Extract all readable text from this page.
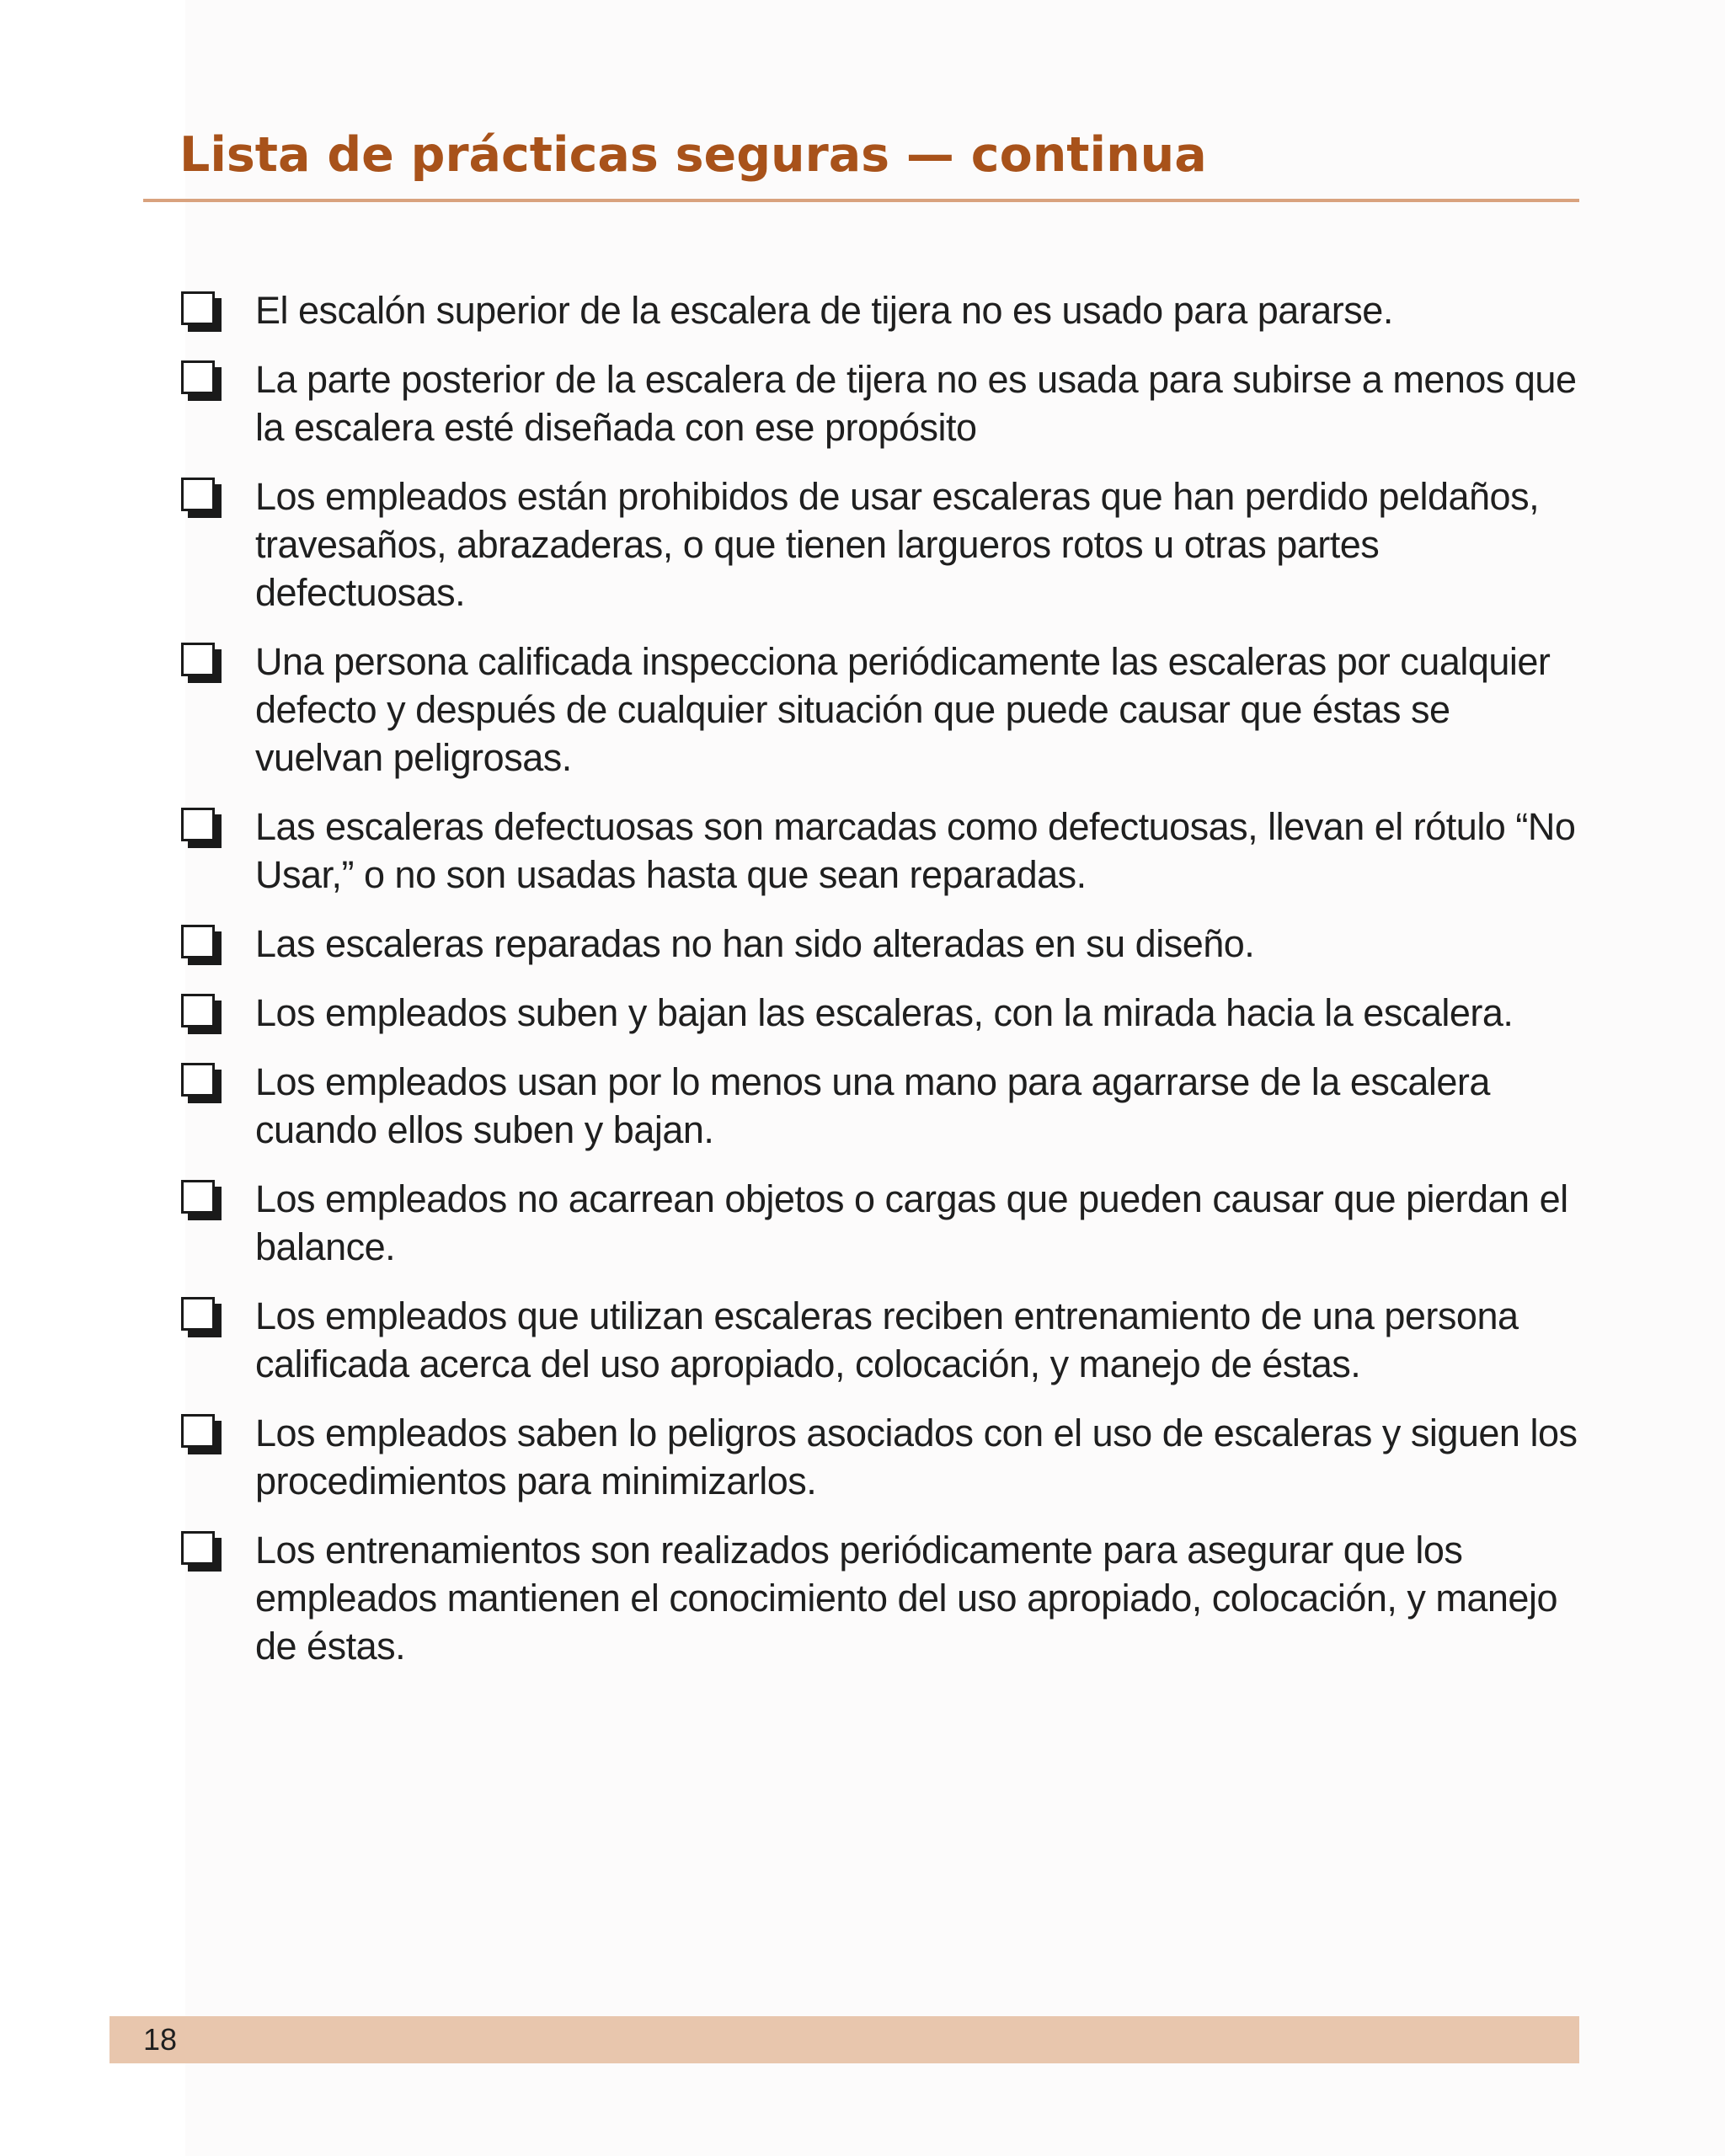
Lista de prácticas seguras — continua
El escalón superior de la escalera de tijera no es usado para pararse.
La parte posterior de la escalera de tijera no es usada para subirse a menos que la escalera esté diseñada con ese propósito
Los empleados están prohibidos de usar escaleras que han perdido peldaños, travesaños, abrazaderas, o que tienen largueros rotos u otras partes defectuosas.
Una persona calificada inspecciona periódicamente las escaleras por cualquier defecto y después de cualquier situación que puede causar que éstas se vuelvan peligrosas.
Las escaleras defectuosas son marcadas como defectuosas, llevan el rótulo “No Usar,” o no son usadas hasta que sean reparadas.
Las escaleras reparadas no han sido alteradas en su diseño.
Los empleados suben y bajan las escaleras, con la mirada hacia la escalera.
Los empleados usan por lo menos una mano para agarrarse de la escalera cuando ellos suben y bajan.
Los empleados no acarrean objetos o cargas que pueden causar que pierdan el balance.
Los empleados que utilizan escaleras reciben entrenamiento de una persona calificada acerca del uso apropiado, colocación, y manejo de éstas.
Los empleados saben lo peligros asociados con el uso de escaleras y siguen los procedimientos para minimizarlos.
Los entrenamientos son realizados periódicamente para asegurar que los empleados mantienen el conocimiento del uso apropiado, colocación, y manejo de éstas.
18
